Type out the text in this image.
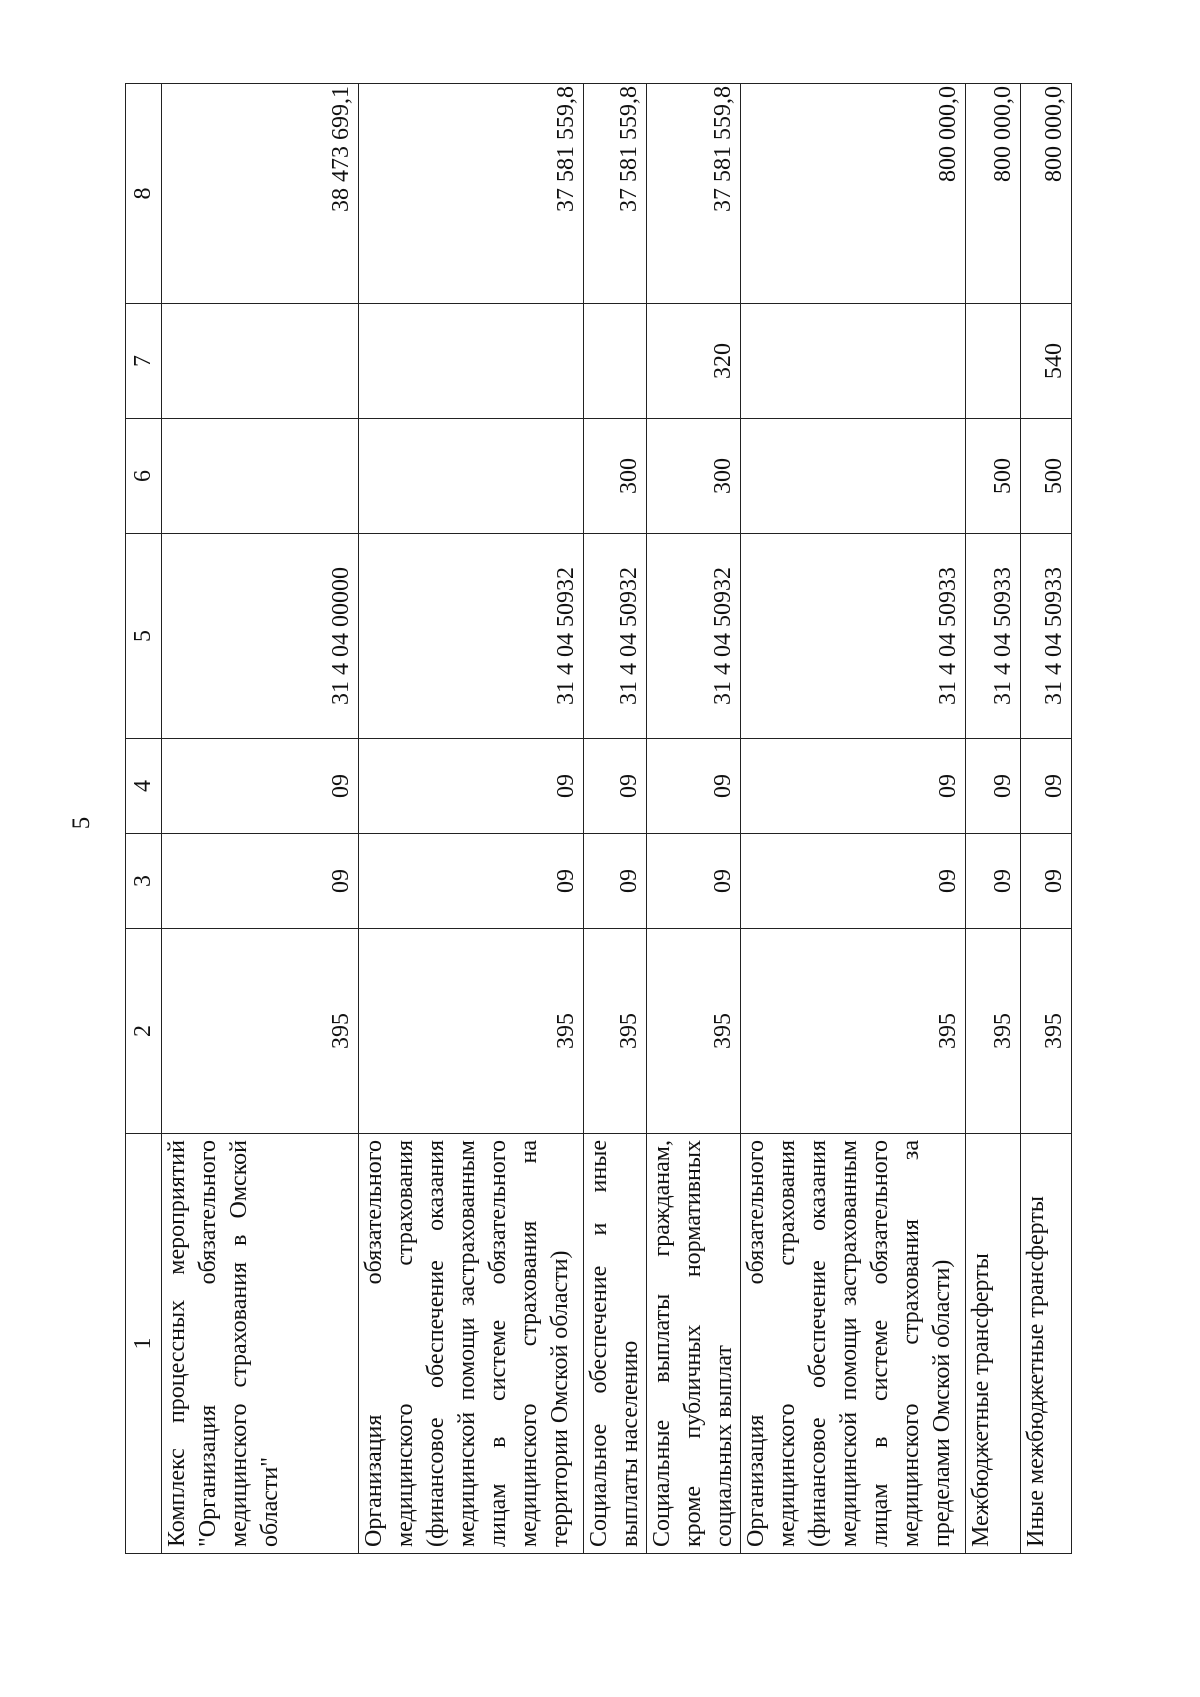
5
1	2	3	4	5	6	7	8
Комплекс процессных мероприятий "Организация обязательного медицинского страхования в Омской области"	395	09	09	31 4 04 00000			38 473 699,1
Организация обязательного медицинского страхования (финансовое обеспечение оказания медицинской помощи застрахованным лицам в системе обязательного медицинского страхования на территории Омской области)	395	09	09	31 4 04 50932			37 581 559,8
Социальное обеспечение и иные выплаты населению	395	09	09	31 4 04 50932	300		37 581 559,8
Социальные выплаты гражданам, кроме публичных нормативных социальных выплат	395	09	09	31 4 04 50932	300	320	37 581 559,8
Организация обязательного медицинского страхования (финансовое обеспечение оказания медицинской помощи застрахованным лицам в системе обязательного медицинского страхования за пределами Омской области)	395	09	09	31 4 04 50933			800 000,0
Межбюджетные трансферты	395	09	09	31 4 04 50933	500		800 000,0
Иные межбюджетные трансферты	395	09	09	31 4 04 50933	500	540	800 000,0
